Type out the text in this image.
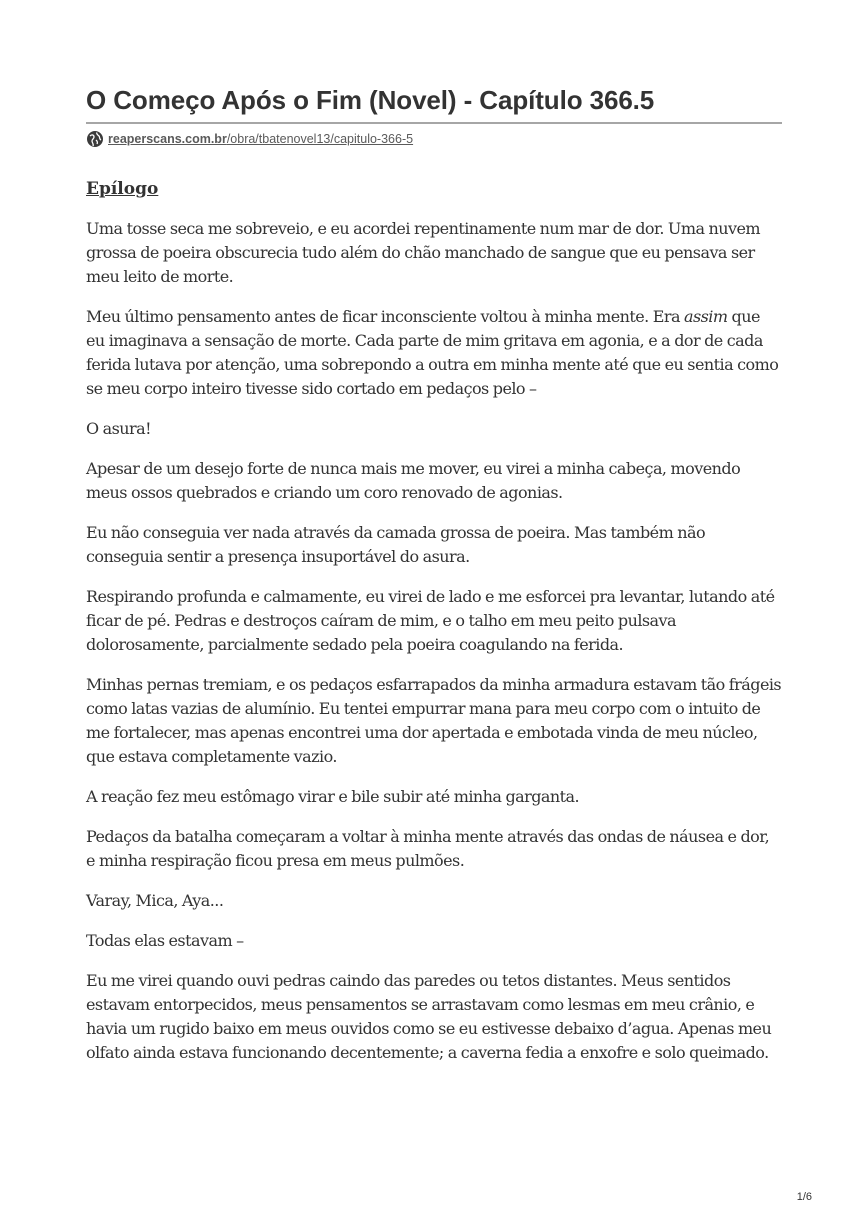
O Começo Após o Fim (Novel) - Capítulo 366.5
reaperscans.com.br/obra/tbatenovel13/capitulo-366-5
Epílogo

Uma tosse seca me sobreveio, e eu acordei repentinamente num mar de dor. Uma nuvem grossa de poeira obscurecia tudo além do chão manchado de sangue que eu pensava ser meu leito de morte.

Meu último pensamento antes de ficar inconsciente voltou à minha mente. Era assim que eu imaginava a sensação de morte. Cada parte de mim gritava em agonia, e a dor de cada ferida lutava por atenção, uma sobrepondo a outra em minha mente até que eu sentia como se meu corpo inteiro tivesse sido cortado em pedaços pelo –

O asura!

Apesar de um desejo forte de nunca mais me mover, eu virei a minha cabeça, movendo meus ossos quebrados e criando um coro renovado de agonias.

Eu não conseguia ver nada através da camada grossa de poeira. Mas também não conseguia sentir a presença insuportável do asura.

Respirando profunda e calmamente, eu virei de lado e me esforcei pra levantar, lutando até ficar de pé. Pedras e destroços caíram de mim, e o talho em meu peito pulsava dolorosamente, parcialmente sedado pela poeira coagulando na ferida.

Minhas pernas tremiam, e os pedaços esfarrapados da minha armadura estavam tão frágeis como latas vazias de alumínio. Eu tentei empurrar mana para meu corpo com o intuito de me fortalecer, mas apenas encontrei uma dor apertada e embotada vinda de meu núcleo, que estava completamente vazio.

A reação fez meu estômago virar e bile subir até minha garganta.

Pedaços da batalha começaram a voltar à minha mente através das ondas de náusea e dor, e minha respiração ficou presa em meus pulmões.

Varay, Mica, Aya...

Todas elas estavam –

Eu me virei quando ouvi pedras caindo das paredes ou tetos distantes. Meus sentidos estavam entorpecidos, meus pensamentos se arrastavam como lesmas em meu crânio, e havia um rugido baixo em meus ouvidos como se eu estivesse debaixo d’agua. Apenas meu olfato ainda estava funcionando decentemente; a caverna fedia a enxofre e solo queimado.

1/6
